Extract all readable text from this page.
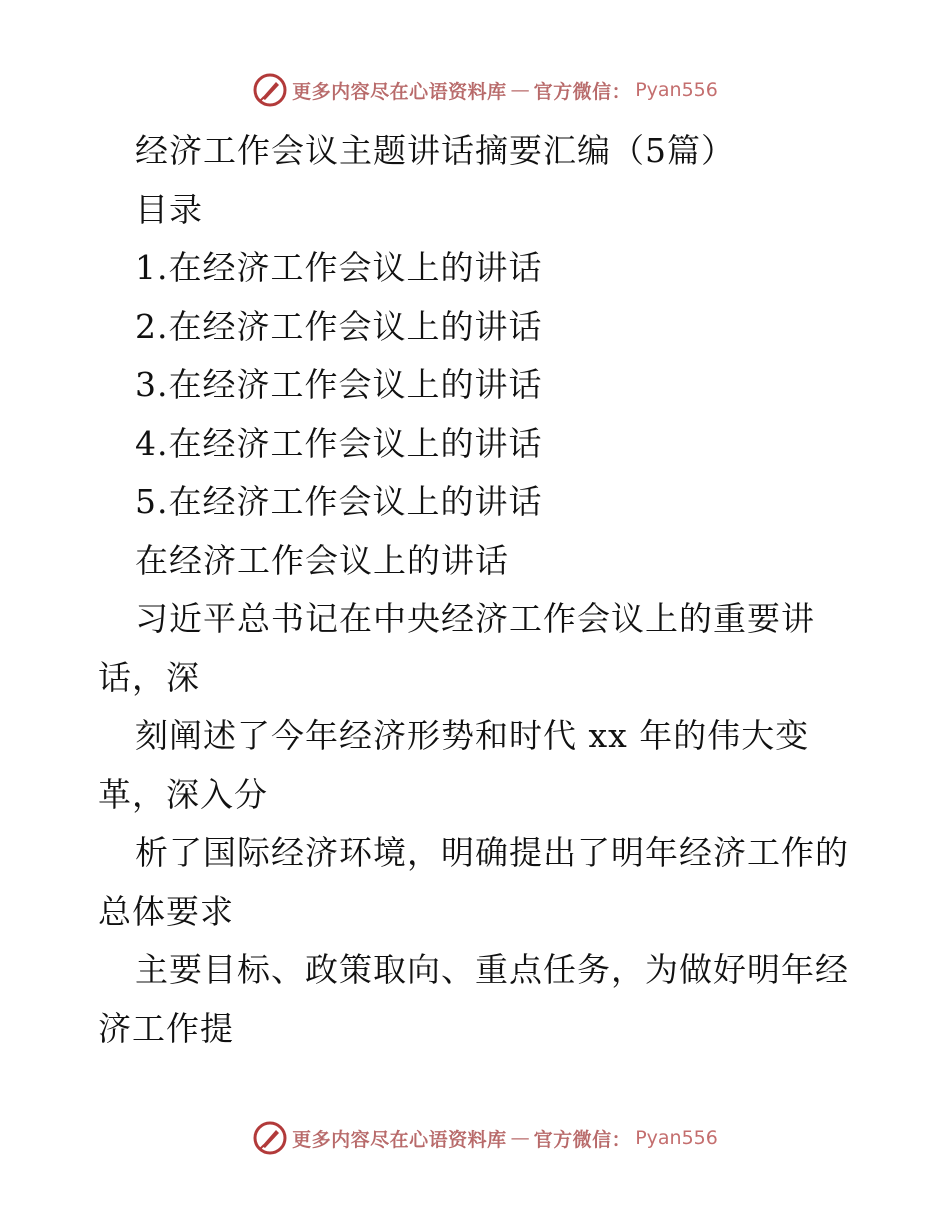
更多内容尽在心语资料库 — 官方微信： Pyan556
经济工作会议主题讲话摘要汇编（5篇）
目录
1.在经济工作会议上的讲话
2.在经济工作会议上的讲话
3.在经济工作会议上的讲话
4.在经济工作会议上的讲话
5.在经济工作会议上的讲话
在经济工作会议上的讲话
习近平总书记在中央经济工作会议上的重要讲
话，深
刻阐述了今年经济形势和时代 xx 年的伟大变
革，深入分
析了国际经济环境，明确提出了明年经济工作的
总体要求
主要目标、政策取向、重点任务，为做好明年经
济工作提
更多内容尽在心语资料库 — 官方微信： Pyan556
